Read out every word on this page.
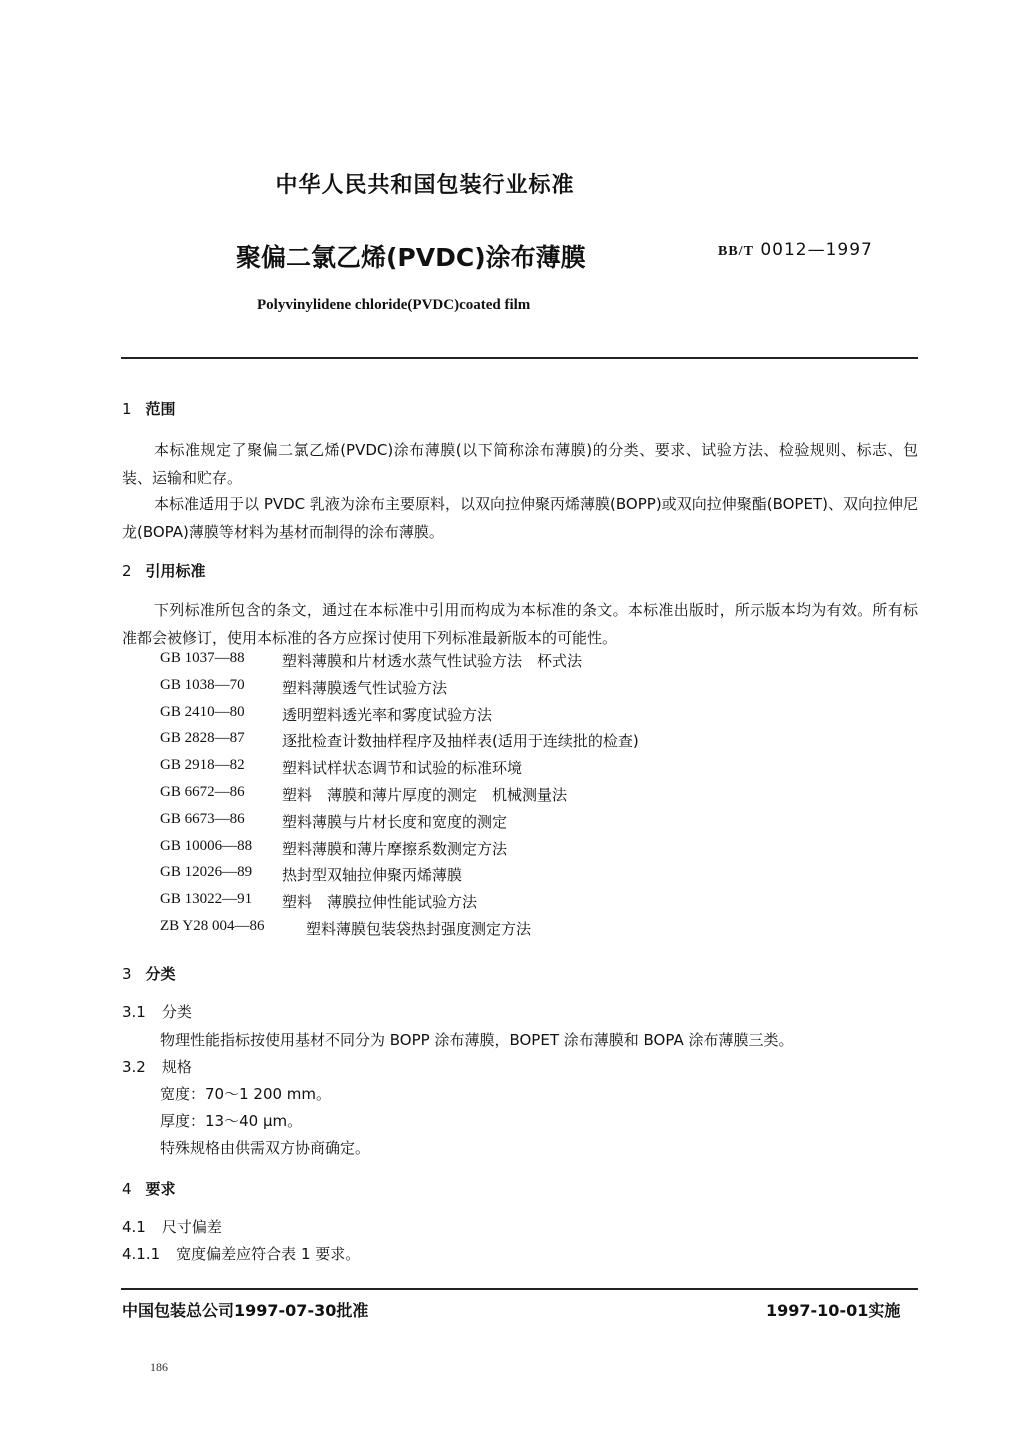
中华人民共和国包装行业标准
聚偏二氯乙烯(PVDC)涂布薄膜	BB/T 0012—1997
Polyvinylidene chloride(PVDC)coated film
1 范围
本标准规定了聚偏二氯乙烯(PVDC)涂布薄膜(以下简称涂布薄膜)的分类、要求、试验方法、检验规则、标志、包装、运输和贮存。
本标准适用于以 PVDC 乳液为涂布主要原料，以双向拉伸聚丙烯薄膜(BOPP)或双向拉伸聚酯(BOPET)、双向拉伸尼龙(BOPA)薄膜等材料为基材而制得的涂布薄膜。
2 引用标准
下列标准所包含的条文，通过在本标准中引用而构成为本标准的条文。本标准出版时，所示版本均为有效。所有标准都会被修订，使用本标准的各方应探讨使用下列标准最新版本的可能性。
GB 1037—88	塑料薄膜和片材透水蒸气性试验方法　杯式法
GB 1038—70	塑料薄膜透气性试验方法
GB 2410—80	透明塑料透光率和雾度试验方法
GB 2828—87	逐批检查计数抽样程序及抽样表(适用于连续批的检查)
GB 2918—82	塑料试样状态调节和试验的标准环境
GB 6672—86	塑料　薄膜和薄片厚度的测定　机械测量法
GB 6673—86	塑料薄膜与片材长度和宽度的测定
GB 10006—88	塑料薄膜和薄片摩擦系数测定方法
GB 12026—89	热封型双轴拉伸聚丙烯薄膜
GB 13022—91	塑料　薄膜拉伸性能试验方法
ZB Y28 004—86	塑料薄膜包装袋热封强度测定方法
3 分类
3.1 分类
物理性能指标按使用基材不同分为 BOPP 涂布薄膜，BOPET 涂布薄膜和 BOPA 涂布薄膜三类。
3.2 规格
宽度：70～1 200 mm。
厚度：13～40 μm。
特殊规格由供需双方协商确定。
4 要求
4.1 尺寸偏差
4.1.1 宽度偏差应符合表 1 要求。
中国包装总公司1997-07-30批准	1997-10-01实施
186
